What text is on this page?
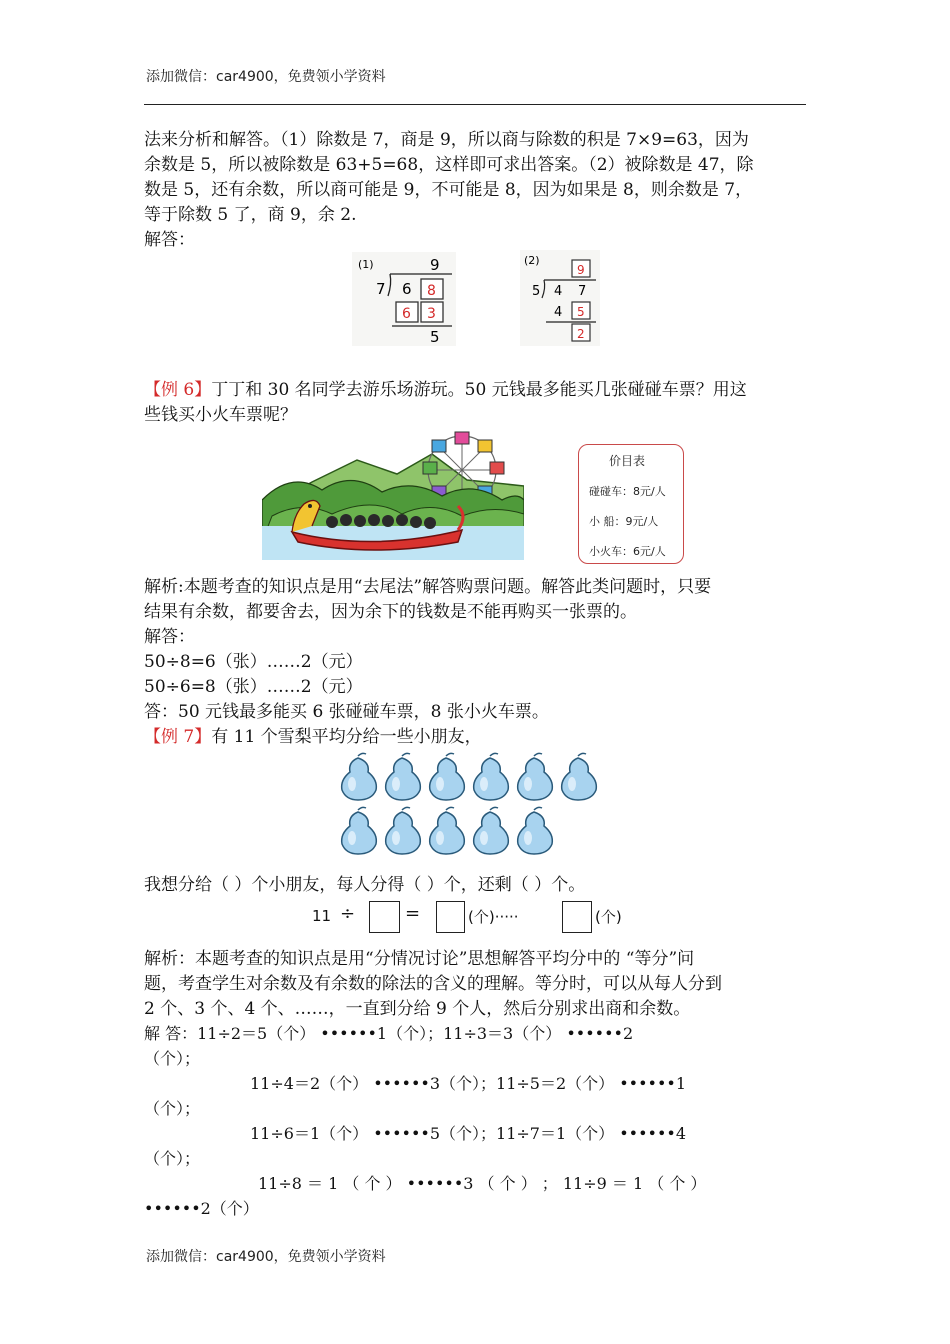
添加微信：car4900，免费领小学资料
法来分析和解答。（1）除数是 7，商是 9，所以商与除数的积是 7×9=63，因为
余数是 5，所以被除数是 63+5=68，这样即可求出答案。（2）被除数是 47，除
数是 5，还有余数，所以商可能是 9，不可能是 8，因为如果是 8，则余数是 7，
等于除数 5 了，商 9，余 2.
解答：
(1)	9
7 6 8
6 3
5
(2)
9
5 4 7
4 5
2
【例 6】丁丁和 30 名同学去游乐场游玩。50 元钱最多能买几张碰碰车票？用这
些钱买小火车票呢？
价目表
碰碰车：8元/人
小 船：9元/人
小火车：6元/人
解析:本题考查的知识点是用“去尾法”解答购票问题。解答此类问题时，只要
结果有余数，都要舍去，因为余下的钱数是不能再购买一张票的。
解答：
50÷8=6（张）……2（元）
50÷6=8（张）……2（元）
答：50 元钱最多能买 6 张碰碰车票，8 张小火车票。
【例 7】有 11 个雪梨平均分给一些小朋友，
我想分给（ ）个小朋友，每人分得（ ）个，还剩（ ）个。
11 ÷	=	(个)·····	(个)
解析：本题考查的知识点是用“分情况讨论”思想解答平均分中的 “等分”问
题，考查学生对余数及有余数的除法的含义的理解。等分时，可以从每人分到
2 个、3 个、4 个、……，一直到分给 9 个人，然后分别求出商和余数。
解 答：11÷2＝5（个） ••••••1（个）；11÷3＝3（个） ••••••2
（个）；
11÷4＝2（个） ••••••3（个）；11÷5＝2（个） ••••••1
（个）；
11÷6＝1（个） ••••••5（个）；11÷7＝1（个） ••••••4
（个）；
11÷8 ＝ 1 （ 个 ） ••••••3 （ 个 ） ； 11÷9 ＝ 1 （ 个 ）
••••••2（个）
添加微信：car4900，免费领小学资料
